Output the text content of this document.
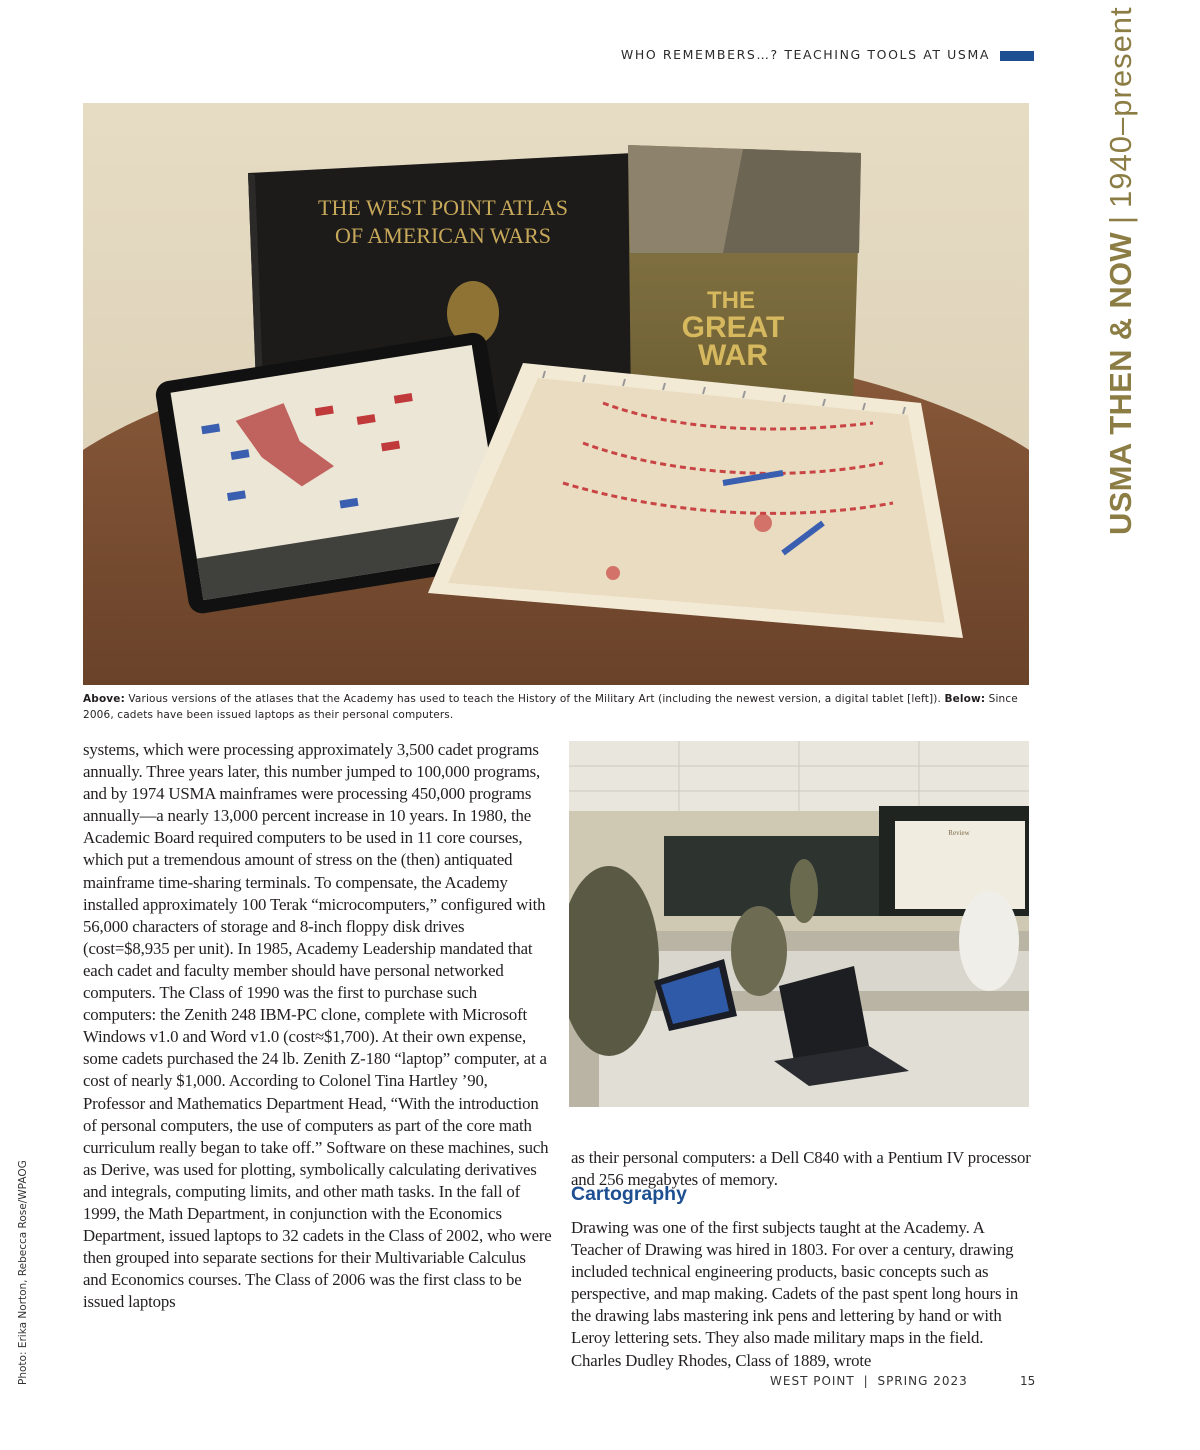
WHO REMEMBERS…? TEACHING TOOLS AT USMA
USMA THEN & NOW|1940–present
Photo: Erika Norton, Rebecca Rose/WPAOG
THE WEST POINT ATLAS
OF AMERICAN WARS
THE
GREAT
WAR
Above: Various versions of the atlases that the Academy has used to teach the History of the Military Art (including the newest version, a digital tablet [left]). Below: Since 2006, cadets have been issued laptops as their personal computers.

systems, which were processing approximately 3,500 cadet programs annually. Three years later, this number jumped to 100,000 programs, and by 1974 USMA mainframes were processing 450,000 programs annually—a nearly 13,000 percent increase in 10 years. In 1980, the Academic Board required computers to be used in 11 core courses, which put a tremendous amount of stress on the (then) antiquated mainframe time-sharing terminals. To compensate, the Academy installed approximately 100 Terak “microcomputers,” configured with 56,000 characters of storage and 8-inch floppy disk drives (cost=$8,935 per unit). In 1985, Academy Leadership mandated that each cadet and faculty member should have personal networked computers. The Class of 1990 was the first to purchase such computers: the Zenith 248 IBM-PC clone, complete with Microsoft Windows v1.0 and Word v1.0 (cost≈$1,700). At their own expense, some cadets purchased the 24 lb. Zenith Z-180 “laptop” computer, at a cost of nearly $1,000. According to Colonel Tina Hartley ’90, Professor and Mathematics Department Head, “With the introduction of personal computers, the use of computers as part of the core math curriculum really began to take off.” Software on these machines, such as Derive, was used for plotting, symbolically calculating derivatives and integrals, computing limits, and other math tasks. In the fall of 1999, the Math Department, in conjunction with the Economics Department, issued laptops to 32 cadets in the Class of 2002, who were then grouped into separate sections for their Multivariable Calculus and Economics courses. The Class of 2006 was the first class to be issued laptops

Review

as their personal computers: a Dell C840 with a Pentium IV processor and 256 megabytes of memory.

Cartography

Drawing was one of the first subjects taught at the Academy. A Teacher of Drawing was hired in 1803. For over a century, drawing included technical engineering products, basic concepts such as perspective, and map making. Cadets of the past spent long hours in the drawing labs mastering ink pens and lettering by hand or with Leroy lettering sets. They also made military maps in the field. Charles Dudley Rhodes, Class of 1889, wrote

WEST POINT | SPRING 2023	15
